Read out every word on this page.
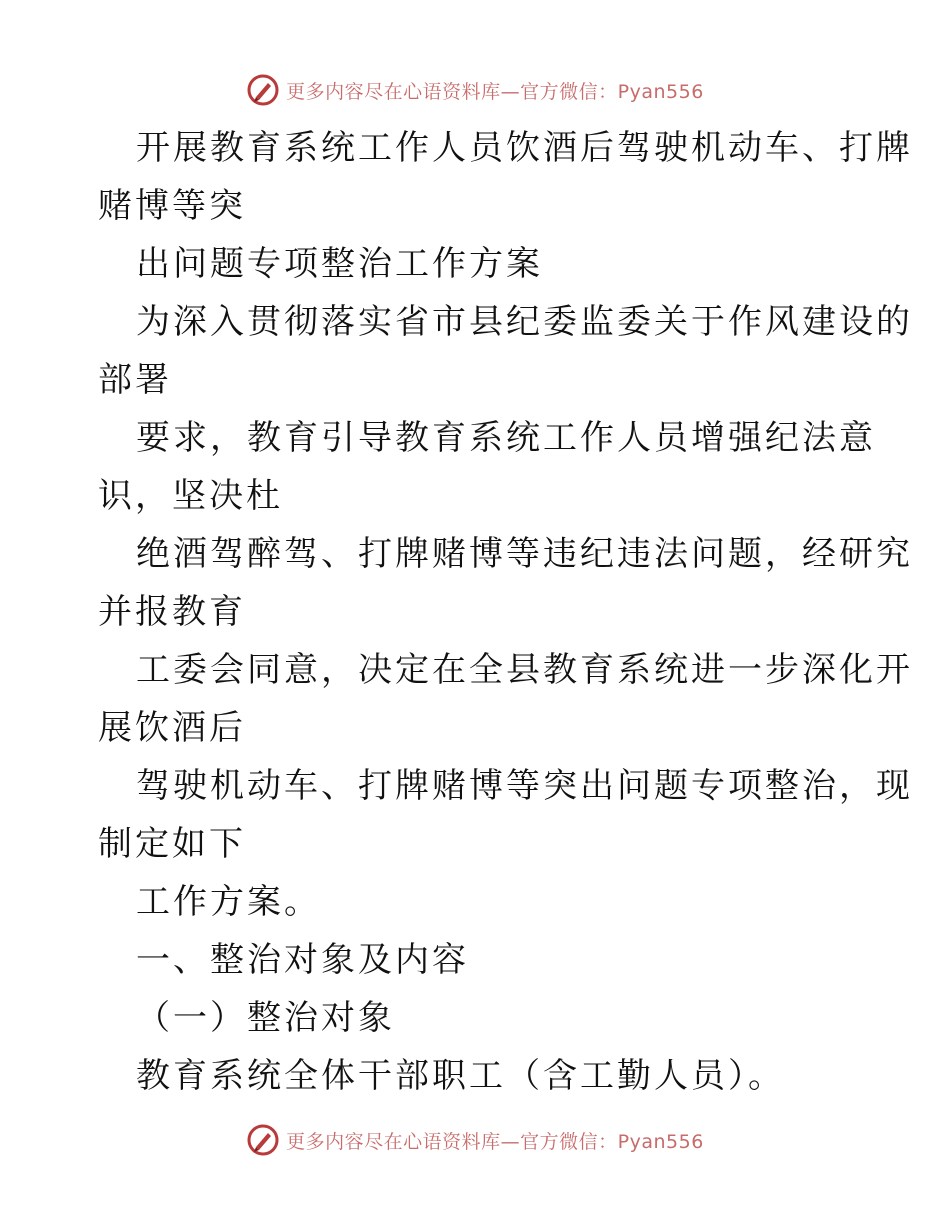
更多内容尽在心语资料库—官方微信：Pyan556
开展教育系统工作人员饮酒后驾驶机动车、打牌
赌博等突
出问题专项整治工作方案
为深入贯彻落实省市县纪委监委关于作风建设的
部署
要求，教育引导教育系统工作人员增强纪法意
识，坚决杜
绝酒驾醉驾、打牌赌博等违纪违法问题，经研究
并报教育
工委会同意，决定在全县教育系统进一步深化开
展饮酒后
驾驶机动车、打牌赌博等突出问题专项整治，现
制定如下
工作方案。
一、整治对象及内容
（一）整治对象
教育系统全体干部职工（含工勤人员）。
更多内容尽在心语资料库—官方微信：Pyan556
